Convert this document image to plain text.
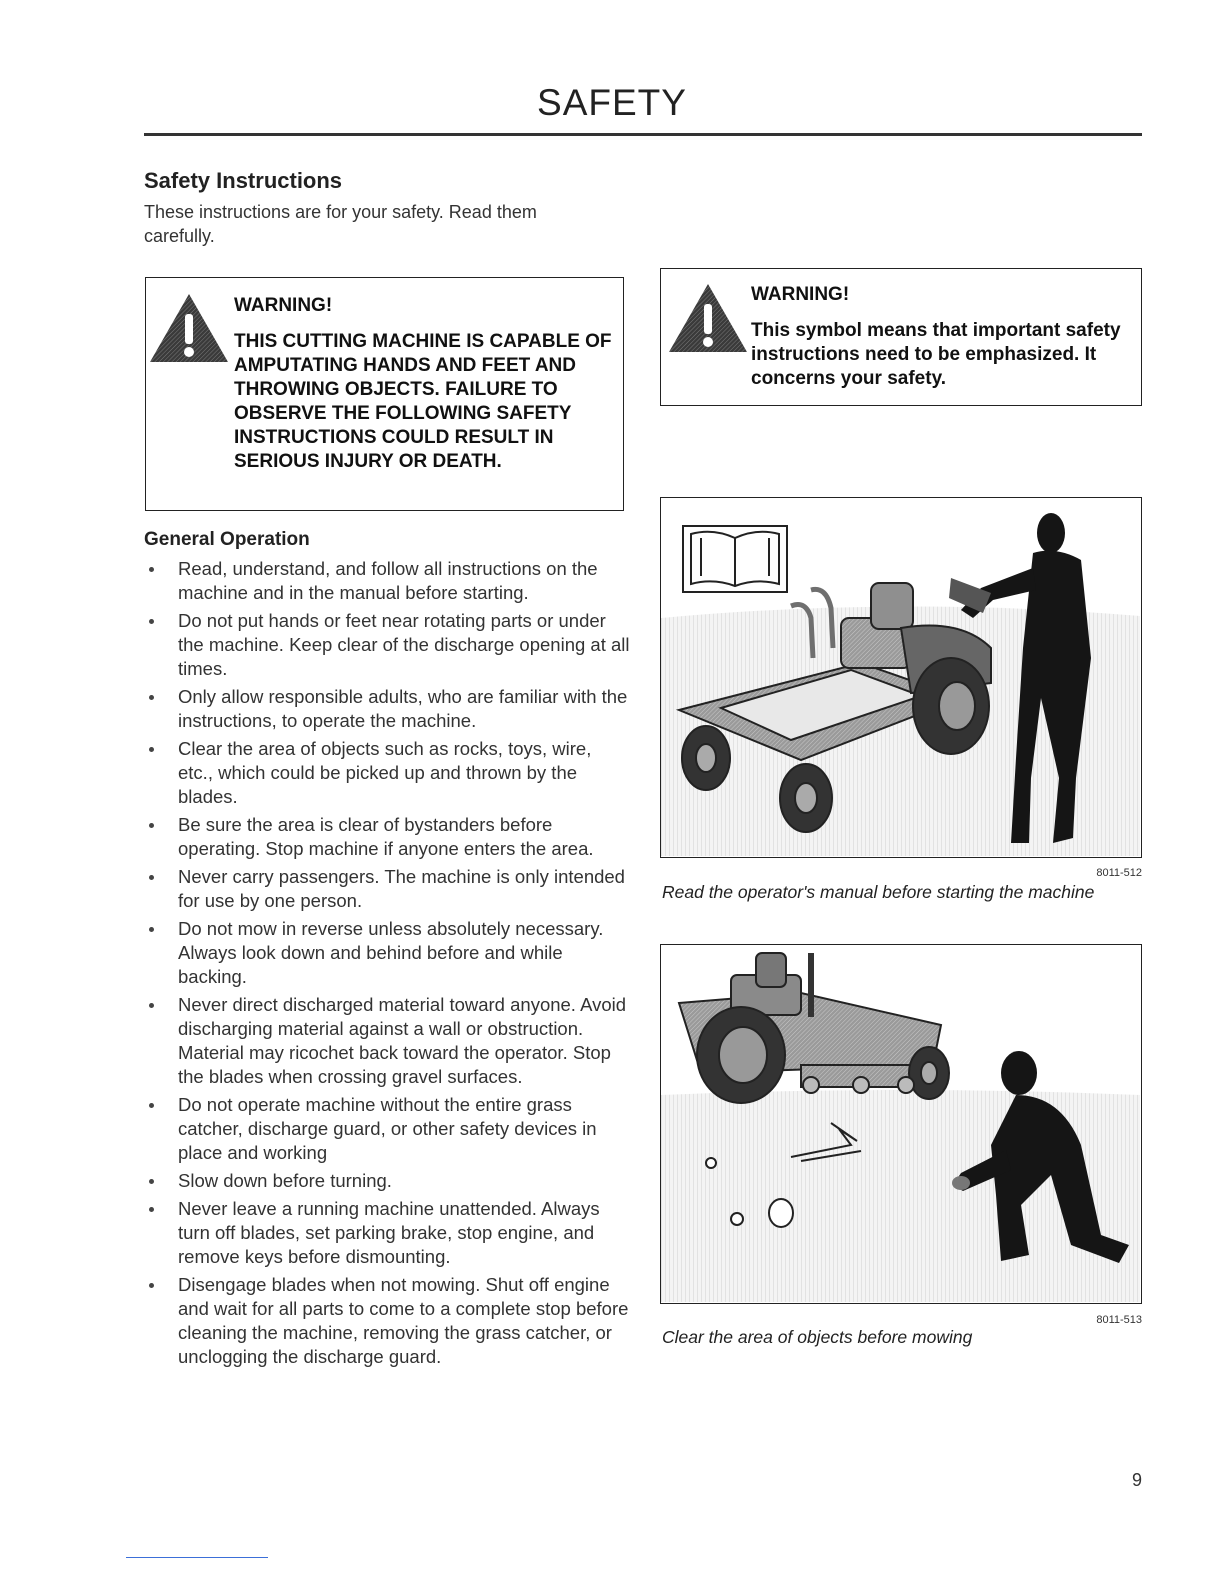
SAFETY
Safety Instructions

These instructions are for your safety. Read them carefully.

WARNING!

THIS CUTTING MACHINE IS CAPABLE OF AMPUTATING HANDS AND FEET AND THROWING OBJECTS. FAILURE TO OBSERVE THE FOLLOWING SAFETY INSTRUCTIONS COULD RESULT IN SERIOUS INJURY OR DEATH.

WARNING!

This symbol means that important safety instructions need to be emphasized. It concerns your safety.

General Operation
Read, understand, and follow all instructions on the machine and in the manual before starting.
Do not put hands or feet near rotating parts or under the machine. Keep clear of the discharge opening at all times.
Only allow responsible adults, who are familiar with the instructions, to operate the machine.
Clear the area of objects such as rocks, toys, wire, etc., which could be picked up and thrown by the blades.
Be sure the area is clear of bystanders before operating. Stop machine if anyone enters the area.
Never carry passengers. The machine is only intended for use by one person.
Do not mow in reverse unless absolutely necessary. Always look down and behind before and while backing.
Never direct discharged material toward anyone. Avoid discharging material against a wall or obstruction. Material may ricochet back toward the operator. Stop the blades when crossing gravel surfaces.
Do not operate machine without the entire grass catcher, discharge guard, or other safety devices in place and working
Slow down before turning.
Never leave a running machine unattended. Always turn off blades, set parking brake, stop engine, and remove keys before dismounting.
Disengage blades when not mowing. Shut off engine and wait for all parts to come to a complete stop before cleaning the machine, removing the grass catcher, or unclogging the discharge guard.

8011-512

Read the operator's manual before starting the machine

8011-513

Clear the area of objects before mowing

9
